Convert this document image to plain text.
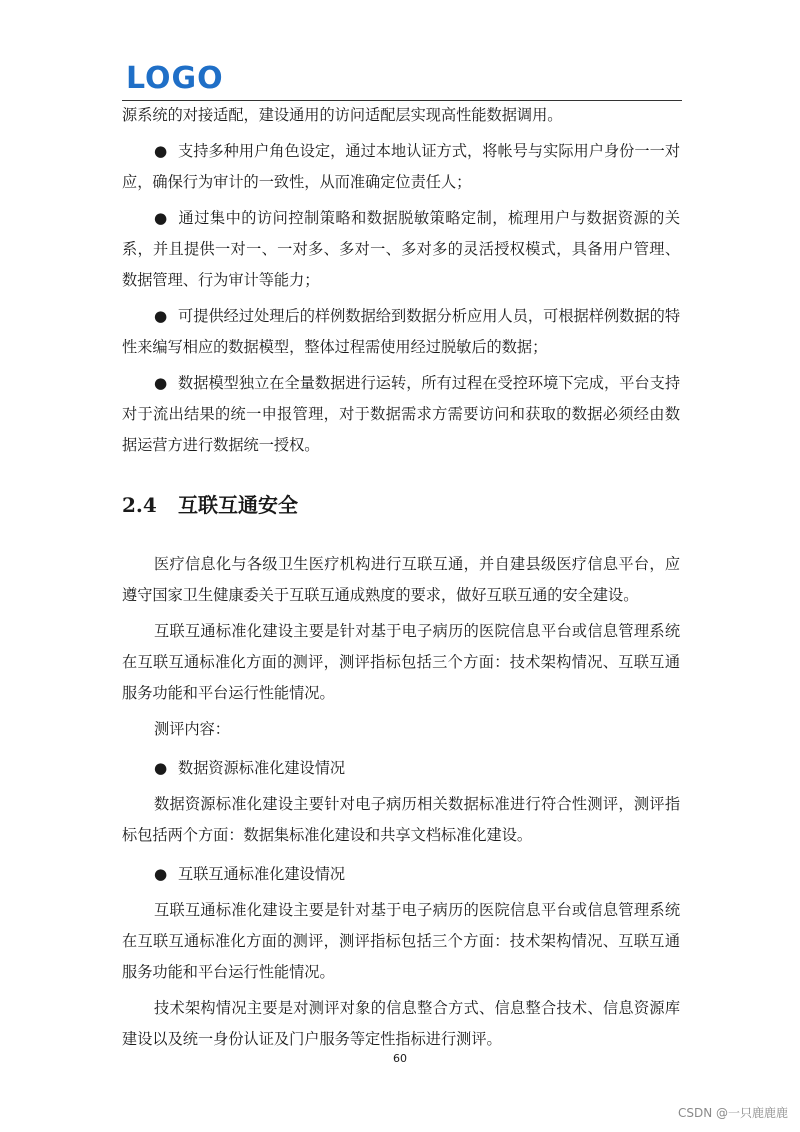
LOGO

源系统的对接适配，建设通用的访问适配层实现高性能数据调用。

● 支持多种用户角色设定，通过本地认证方式，将帐号与实际用户身份一一对应，确保行为审计的一致性，从而准确定位责任人；

● 通过集中的访问控制策略和数据脱敏策略定制，梳理用户与数据资源的关系，并且提供一对一、一对多、多对一、多对多的灵活授权模式，具备用户管理、数据管理、行为审计等能力；

● 可提供经过处理后的样例数据给到数据分析应用人员，可根据样例数据的特性来编写相应的数据模型，整体过程需使用经过脱敏后的数据；

● 数据模型独立在全量数据进行运转，所有过程在受控环境下完成，平台支持对于流出结果的统一申报管理，对于数据需求方需要访问和获取的数据必须经由数据运营方进行数据统一授权。

2.4 互联互通安全

医疗信息化与各级卫生医疗机构进行互联互通，并自建县级医疗信息平台，应遵守国家卫生健康委关于互联互通成熟度的要求，做好互联互通的安全建设。

互联互通标准化建设主要是针对基于电子病历的医院信息平台或信息管理系统在互联互通标准化方面的测评，测评指标包括三个方面：技术架构情况、互联互通服务功能和平台运行性能情况。

测评内容：

● 数据资源标准化建设情况

数据资源标准化建设主要针对电子病历相关数据标准进行符合性测评，测评指标包括两个方面：数据集标准化建设和共享文档标准化建设。

● 互联互通标准化建设情况

互联互通标准化建设主要是针对基于电子病历的医院信息平台或信息管理系统在互联互通标准化方面的测评，测评指标包括三个方面：技术架构情况、互联互通服务功能和平台运行性能情况。

技术架构情况主要是对测评对象的信息整合方式、信息整合技术、信息资源库建设以及统一身份认证及门户服务等定性指标进行测评。

60
CSDN @一只鹿鹿鹿
